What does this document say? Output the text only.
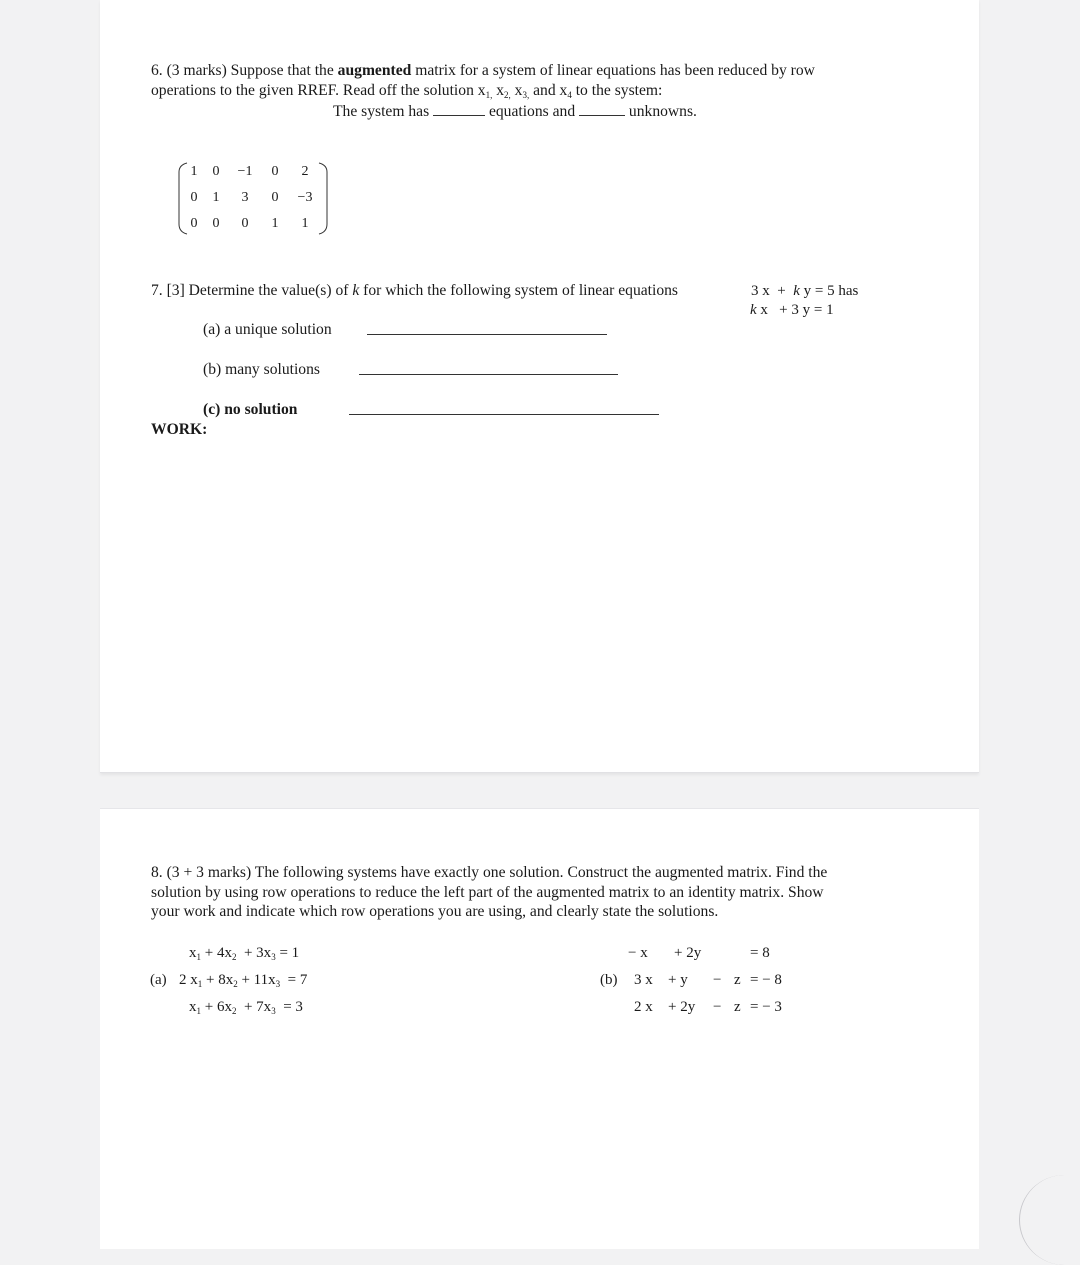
6. (3 marks) Suppose that the augmented matrix for a system of linear equations has been reduced by row
operations to the given RREF. Read off the solution $x_{1,}$ $x_{2,}$ $x_{3,}$ and $x_4$ to the system:
The system has	equations and	unknowns.
1	0	−1	0	2
0	1	3	0	−3
0	0	0	1	1
7. [3] Determine the value(s) of k for which the following system of linear equations	3 x + k y = 5 has
k x + 3 y = 1
(a) a unique solution
(b) many solutions
(c) no solution
WORK:
8. (3 + 3 marks) The following systems have exactly one solution. Construct the augmented matrix. Find the
solution by using row operations to reduce the left part of the augmented matrix to an identity matrix. Show
your work and indicate which row operations you are using, and clearly state the solutions.
(a)
$x_1 + 4x_2 + 3x_3 = 1$
2 $x_1 + 8x_2 + 11x_3 = 7$
$x_1 + 6x_2 + 7x_3 = 3$
(b)
− x + 2y	= 8
3 x + y − z = − 8
2 x + 2y − z = − 3
